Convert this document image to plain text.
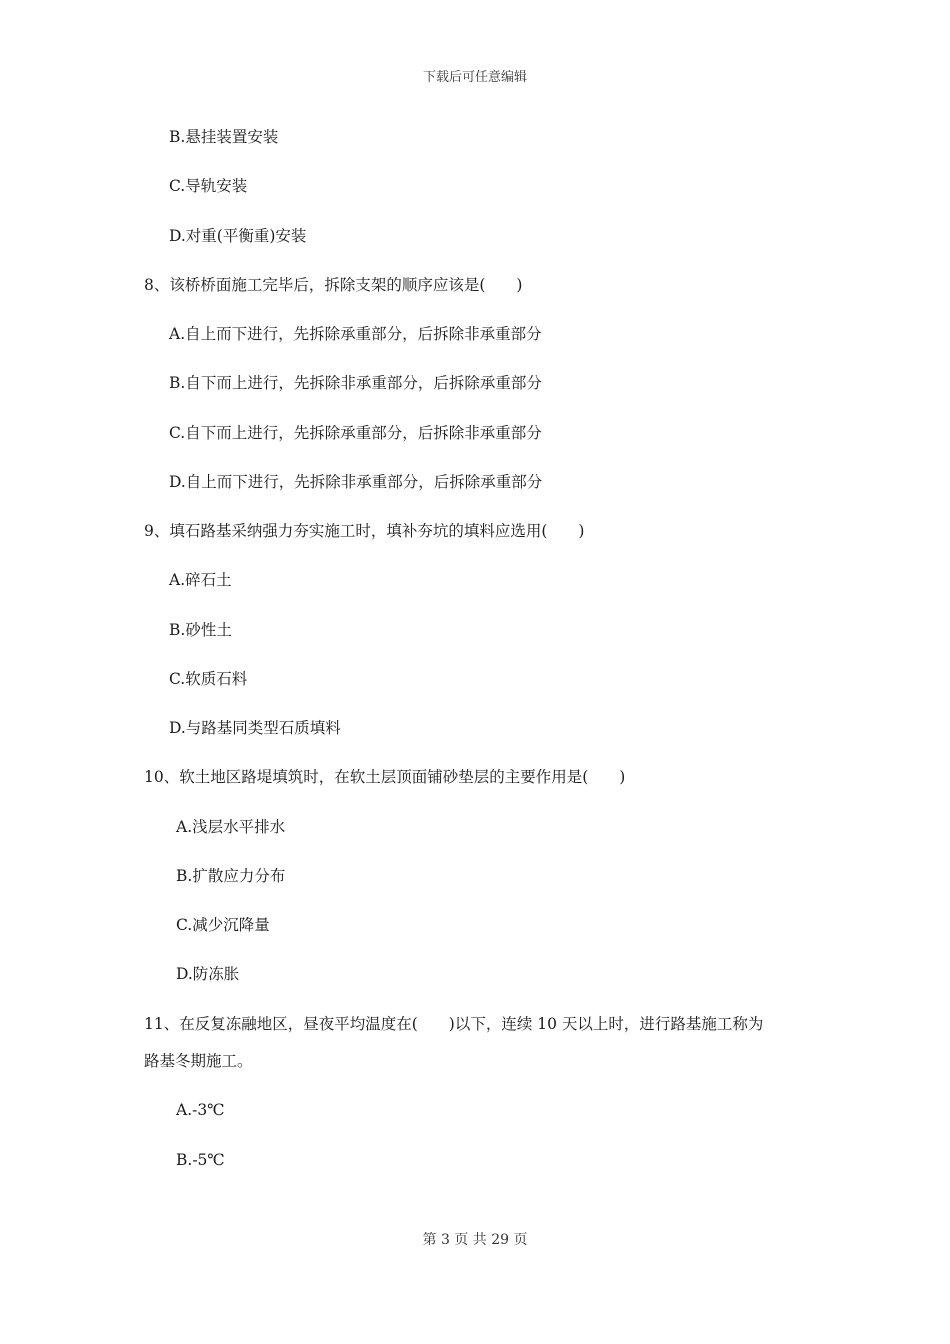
下载后可任意编辑
B.悬挂装置安装
C.导轨安装
D.对重(平衡重)安装
8、该桥桥面施工完毕后，拆除支架的顺序应该是(　　)
A.自上而下进行，先拆除承重部分，后拆除非承重部分
B.自下而上进行，先拆除非承重部分，后拆除承重部分
C.自下而上进行，先拆除承重部分，后拆除非承重部分
D.自上而下进行，先拆除非承重部分，后拆除承重部分
9、填石路基采纳强力夯实施工时，填补夯坑的填料应选用(　　)
A.碎石土
B.砂性土
C.软质石料
D.与路基同类型石质填料
10、软土地区路堤填筑时，在软土层顶面铺砂垫层的主要作用是(　　)
A.浅层水平排水
B.扩散应力分布
C.减少沉降量
D.防冻胀
11、在反复冻融地区，昼夜平均温度在(　　)以下，连续 10 天以上时，进行路基施工称为
路基冬期施工。
A.-3℃
B.-5℃
第 3 页 共 29 页
